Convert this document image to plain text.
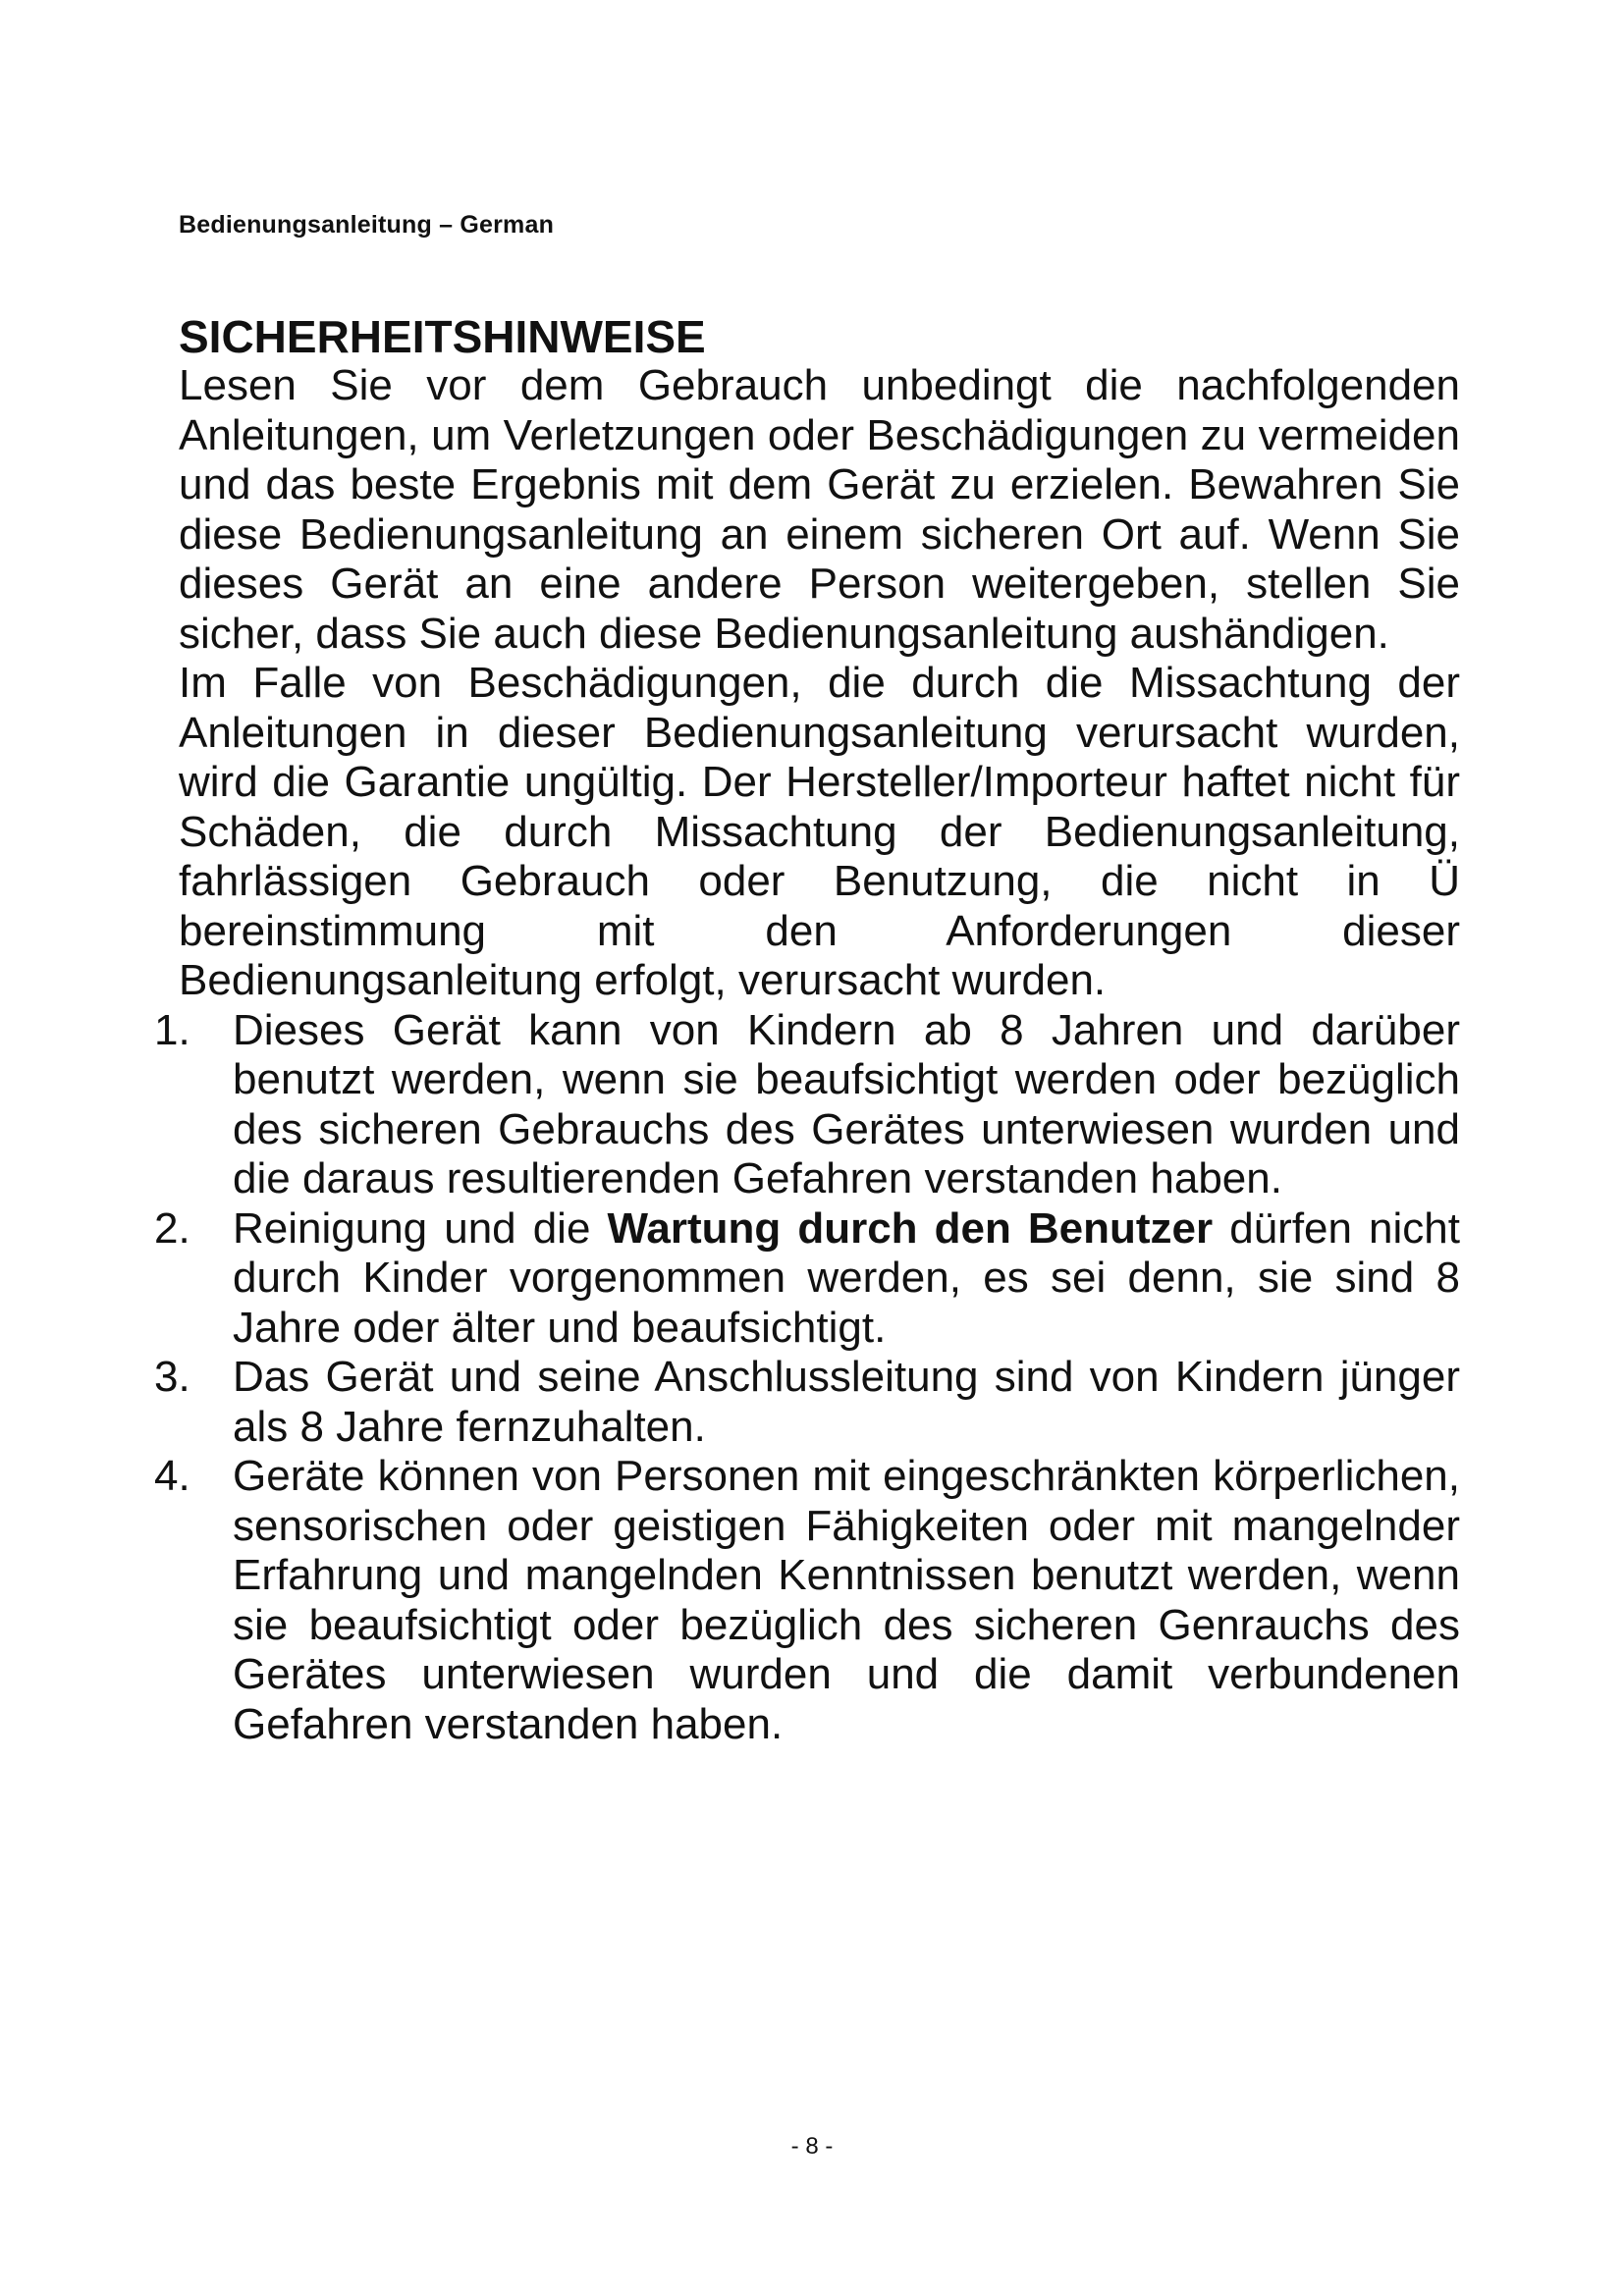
Bedienungsanleitung – German
SICHERHEITSHINWEISE

Lesen Sie vor dem Gebrauch unbedingt die nachfolgenden Anleitungen, um Verletzungen oder Beschädigungen zu vermeiden und das beste Ergebnis mit dem Gerät zu erzielen. Bewahren Sie diese Bedienungsanleitung an einem sicheren Ort auf. Wenn Sie dieses Gerät an eine andere Person weitergeben, stellen Sie sicher, dass Sie auch diese Bedienungsanleitung aushändigen.

Im Falle von Beschädigungen, die durch die Missachtung der Anleitungen in dieser Bedienungsanleitung verursacht wurden, wird die Garantie ungültig. Der Hersteller/Importeur haftet nicht für Schäden, die durch Missachtung der Bedienungsanleitung, fahrlässigen Gebrauch oder Benutzung, die nicht in Ü bereinstimmung mit den Anforderungen dieser Bedienungsanleitung erfolgt, verursacht wurden.

1. Dieses Gerät kann von Kindern ab 8 Jahren und darüber benutzt werden, wenn sie beaufsichtigt werden oder bezüglich des sicheren Gebrauchs des Gerätes unterwiesen wurden und die daraus resultierenden Gefahren verstanden haben.
2. Reinigung und die Wartung durch den Benutzer dürfen nicht durch Kinder vorgenommen werden, es sei denn, sie sind 8 Jahre oder älter und beaufsichtigt.
3. Das Gerät und seine Anschlussleitung sind von Kindern jünger als 8 Jahre fernzuhalten.
4. Geräte können von Personen mit eingeschränkten körperlichen, sensorischen oder geistigen Fähigkeiten oder mit mangelnder Erfahrung und mangelnden Kenntnissen benutzt werden, wenn sie beaufsichtigt oder bezüglich des sicheren Genrauchs des Gerätes unterwiesen wurden und die damit verbundenen Gefahren verstanden haben.
- 8 -
